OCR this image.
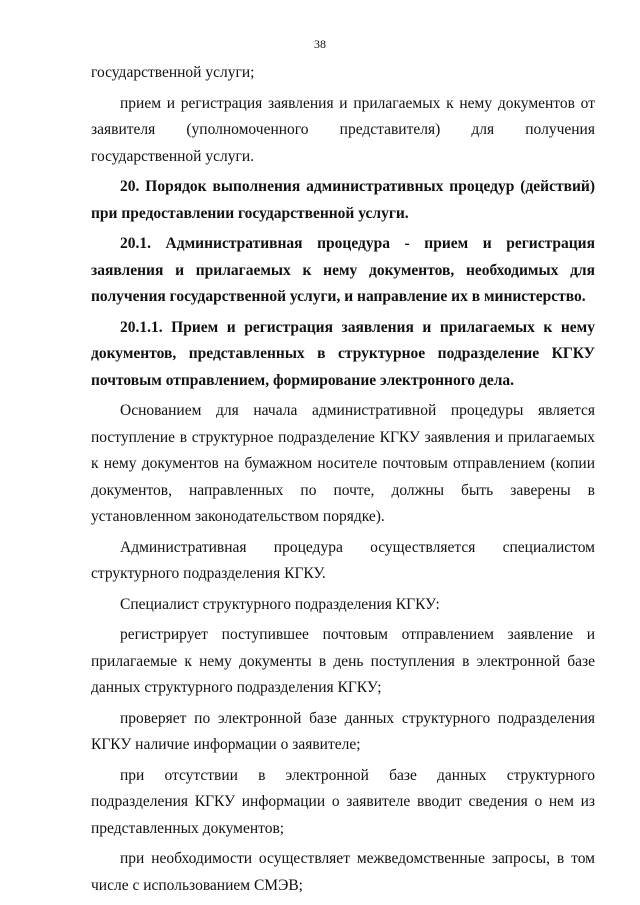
38

государственной услуги;

прием и регистрация заявления и прилагаемых к нему документов от заявителя (уполномоченного представителя) для получения государственной услуги.

20. Порядок выполнения административных процедур (действий) при предоставлении государственной услуги.

20.1. Административная процедура - прием и регистрация заявления и прилагаемых к нему документов, необходимых для получения государственной услуги, и направление их в министерство.

20.1.1. Прием и регистрация заявления и прилагаемых к нему документов, представленных в структурное подразделение КГКУ почтовым отправлением, формирование электронного дела.

Основанием для начала административной процедуры является поступление в структурное подразделение КГКУ заявления и прилагаемых к нему документов на бумажном носителе почтовым отправлением (копии документов, направленных по почте, должны быть заверены в установленном законодательством порядке).

Административная процедура осуществляется специалистом структурного подразделения КГКУ.

Специалист структурного подразделения КГКУ:

регистрирует поступившее почтовым отправлением заявление и прилагаемые к нему документы в день поступления в электронной базе данных структурного подразделения КГКУ;

проверяет по электронной базе данных структурного подразделения КГКУ наличие информации о заявителе;

при отсутствии в электронной базе данных структурного подразделения КГКУ информации о заявителе вводит сведения о нем из представленных документов;

при необходимости осуществляет межведомственные запросы, в том числе с использованием СМЭВ;
